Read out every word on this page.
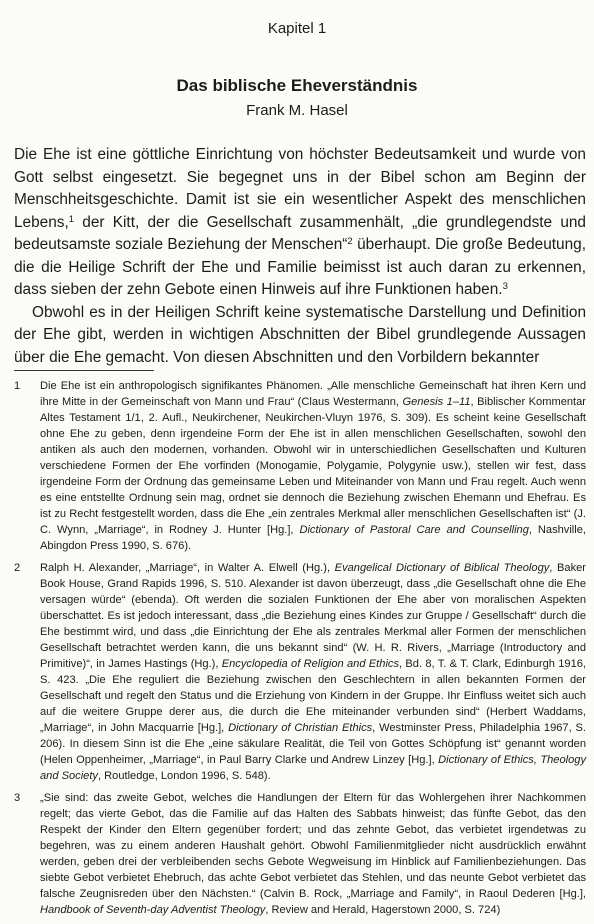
Kapitel 1
Das biblische Eheverständnis
Frank M. Hasel

Die Ehe ist eine göttliche Einrichtung von höchster Bedeutsamkeit und wurde von Gott selbst eingesetzt. Sie begegnet uns in der Bibel schon am Beginn der Menschheitsgeschichte. Damit ist sie ein wesentlicher Aspekt des menschlichen Lebens,$^1$ der Kitt, der die Gesellschaft zusammenhält, „die grundlegendste und bedeutsamste soziale Beziehung der Menschen“$^2$ überhaupt. Die große Bedeutung, die die Heilige Schrift der Ehe und Familie beimisst ist auch daran zu erkennen, dass sieben der zehn Gebote einen Hinweis auf ihre Funktionen haben.$^3$

Obwohl es in der Heiligen Schrift keine systematische Darstellung und Definition der Ehe gibt, werden in wichtigen Abschnitten der Bibel grundlegende Aussagen über die Ehe gemacht. Von diesen Abschnitten und den Vorbildern bekannter

1 Die Ehe ist ein anthropologisch signifikantes Phänomen. „Alle menschliche Gemeinschaft hat ihren Kern und ihre Mitte in der Gemeinschaft von Mann und Frau“ (Claus Westermann, Genesis 1–11, Biblischer Kommentar Altes Testament 1/1, 2. Aufl., Neukirchener, Neukirchen-Vluyn 1976, S. 309). Es scheint keine Gesellschaft ohne Ehe zu geben, denn irgendeine Form der Ehe ist in allen menschlichen Gesellschaften, sowohl den antiken als auch den modernen, vorhanden. Obwohl wir in unterschiedlichen Gesellschaften und Kulturen verschiedene Formen der Ehe vorfinden (Monogamie, Polygamie, Polygynie usw.), stellen wir fest, dass irgendeine Form der Ordnung das gemeinsame Leben und Miteinander von Mann und Frau regelt. Auch wenn es eine entstellte Ordnung sein mag, ordnet sie dennoch die Beziehung zwischen Ehemann und Ehefrau. Es ist zu Recht festgestellt worden, dass die Ehe „ein zentrales Merkmal aller menschlichen Gesellschaften ist“ (J. C. Wynn, „Marriage“, in Rodney J. Hunter [Hg.], Dictionary of Pastoral Care and Counselling, Nashville, Abingdon Press 1990, S. 676).
2 Ralph H. Alexander, „Marriage“, in Walter A. Elwell (Hg.), Evangelical Dictionary of Biblical Theology, Baker Book House, Grand Rapids 1996, S. 510. Alexander ist davon überzeugt, dass „die Gesellschaft ohne die Ehe versagen würde“ (ebenda). Oft werden die sozialen Funktionen der Ehe aber von moralischen Aspekten überschattet. Es ist jedoch interessant, dass „die Beziehung eines Kindes zur Gruppe / Gesellschaft“ durch die Ehe bestimmt wird, und dass „die Einrichtung der Ehe als zentrales Merkmal aller Formen der menschlichen Gesellschaft betrachtet werden kann, die uns bekannt sind“ (W. H. R. Rivers, „Marriage (Introductory and Primitive)“, in James Hastings (Hg.), Encyclopedia of Religion and Ethics, Bd. 8, T. & T. Clark, Edinburgh 1916, S. 423. „Die Ehe reguliert die Beziehung zwischen den Geschlechtern in allen bekannten Formen der Gesellschaft und regelt den Status und die Erziehung von Kindern in der Gruppe. Ihr Einfluss weitet sich auch auf die weitere Gruppe derer aus, die durch die Ehe miteinander verbunden sind“ (Herbert Waddams, „Marriage“, in John Macquarrie [Hg.], Dictionary of Christian Ethics, Westminster Press, Philadelphia 1967, S. 206). In diesem Sinn ist die Ehe „eine säkulare Realität, die Teil von Gottes Schöpfung ist“ genannt worden (Helen Oppenheimer, „Marriage“, in Paul Barry Clarke und Andrew Linzey [Hg.], Dictionary of Ethics, Theology and Society, Routledge, London 1996, S. 548).
3 „Sie sind: das zweite Gebot, welches die Handlungen der Eltern für das Wohlergehen ihrer Nachkommen regelt; das vierte Gebot, das die Familie auf das Halten des Sabbats hinweist; das fünfte Gebot, das den Respekt der Kinder den Eltern gegenüber fordert; und das zehnte Gebot, das verbietet irgendetwas zu begehren, was zu einem anderen Haushalt gehört. Obwohl Familienmitglieder nicht ausdrücklich erwähnt werden, geben drei der verbleibenden sechs Gebote Wegweisung im Hinblick auf Familienbeziehungen. Das siebte Gebot verbietet Ehebruch, das achte Gebot verbietet das Stehlen, und das neunte Gebot verbietet das falsche Zeugnisreden über den Nächsten.“ (Calvin B. Rock, „Marriage and Family“, in Raoul Dederen [Hg.], Handbook of Seventh-day Adventist Theology, Review and Herald, Hagerstown 2000, S. 724)
